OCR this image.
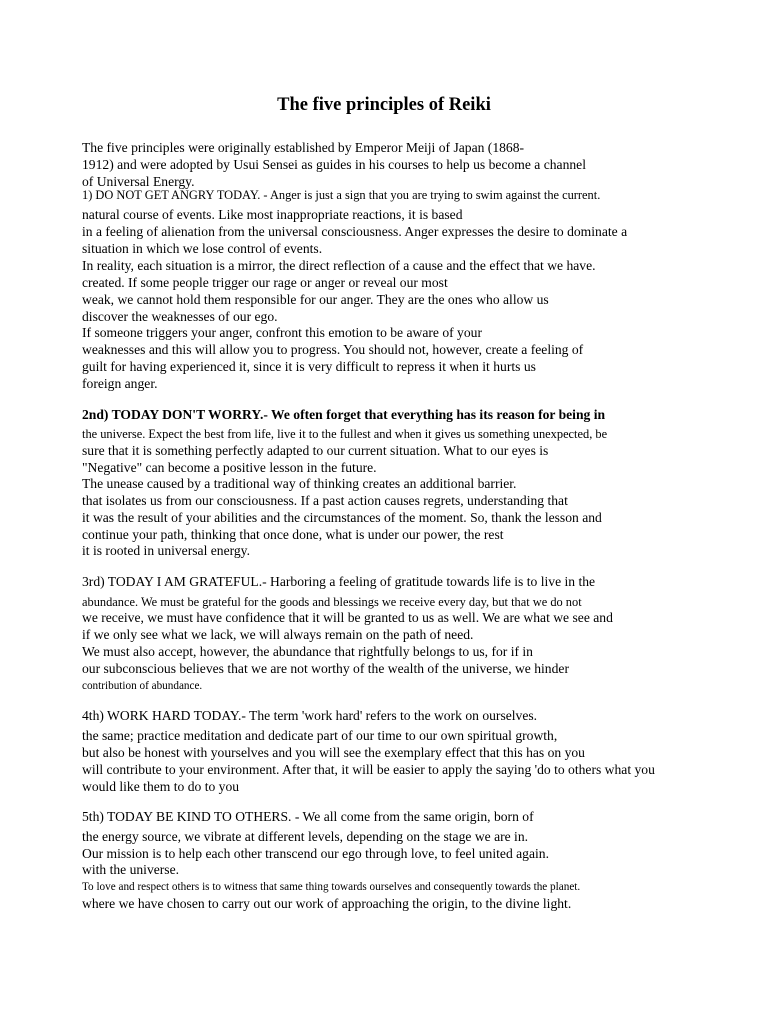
The five principles of Reiki
The five principles were originally established by Emperor Meiji of Japan (1868-
1912) and were adopted by Usui Sensei as guides in his courses to help us become a channel
of Universal Energy.
1) DO NOT GET ANGRY TODAY. - Anger is just a sign that you are trying to swim against the current.
natural course of events. Like most inappropriate reactions, it is based
in a feeling of alienation from the universal consciousness. Anger expresses the desire to dominate a
situation in which we lose control of events.
In reality, each situation is a mirror, the direct reflection of a cause and the effect that we have.
created. If some people trigger our rage or anger or reveal our most
weak, we cannot hold them responsible for our anger. They are the ones who allow us
discover the weaknesses of our ego.
If someone triggers your anger, confront this emotion to be aware of your
weaknesses and this will allow you to progress. You should not, however, create a feeling of
guilt for having experienced it, since it is very difficult to repress it when it hurts us
foreign anger.
2nd) TODAY DON'T WORRY.- We often forget that everything has its reason for being in
the universe. Expect the best from life, live it to the fullest and when it gives us something unexpected, be
sure that it is something perfectly adapted to our current situation. What to our eyes is
"Negative" can become a positive lesson in the future.
The unease caused by a traditional way of thinking creates an additional barrier.
that isolates us from our consciousness. If a past action causes regrets, understanding that
it was the result of your abilities and the circumstances of the moment. So, thank the lesson and
continue your path, thinking that once done, what is under our power, the rest
it is rooted in universal energy.
3rd) TODAY I AM GRATEFUL.- Harboring a feeling of gratitude towards life is to live in the
abundance. We must be grateful for the goods and blessings we receive every day, but that we do not
we receive, we must have confidence that it will be granted to us as well. We are what we see and
if we only see what we lack, we will always remain on the path of need.
We must also accept, however, the abundance that rightfully belongs to us, for if in
our subconscious believes that we are not worthy of the wealth of the universe, we hinder
contribution of abundance.
4th) WORK HARD TODAY.- The term 'work hard' refers to the work on ourselves.
the same; practice meditation and dedicate part of our time to our own spiritual growth,
but also be honest with yourselves and you will see the exemplary effect that this has on you
will contribute to your environment. After that, it will be easier to apply the saying 'do to others what you
would like them to do to you
5th) TODAY BE KIND TO OTHERS. - We all come from the same origin, born of
the energy source, we vibrate at different levels, depending on the stage we are in.
Our mission is to help each other transcend our ego through love, to feel united again.
with the universe.
To love and respect others is to witness that same thing towards ourselves and consequently towards the planet.
where we have chosen to carry out our work of approaching the origin, to the divine light.
